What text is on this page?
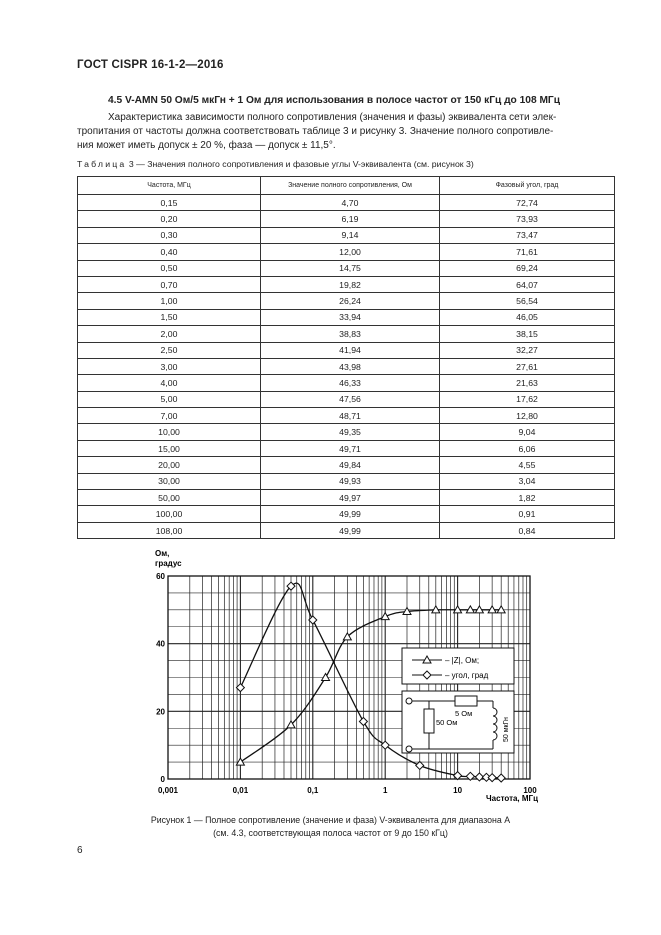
ГОСТ CISPR 16-1-2—2016
4.5 V-AMN 50 Ом/5 мкГн + 1 Ом для использования в полосе частот от 150 кГц до 108 МГц
Характеристика зависимости полного сопротивления (значения и фазы) эквивалента сети элек-
тропитания от частоты должна соответствовать таблице 3 и рисунку 3. Значение полного сопротивле-
ния может иметь допуск ± 20 %, фаза — допуск ± 11,5°.
Таблица 3 — Значения полного сопротивления и фазовые углы V-эквивалента (см. рисунок 3)
Частота, МГц	Значение полного сопротивления, Ом	Фазовый угол, град
0,15	4,70	72,74
0,20	6,19	73,93
0,30	9,14	73,47
0,40	12,00	71,61
0,50	14,75	69,24
0,70	19,82	64,07
1,00	26,24	56,54
1,50	33,94	46,05
2,00	38,83	38,15
2,50	41,94	32,27
3,00	43,98	27,61
4,00	46,33	21,63
5,00	47,56	17,62
7,00	48,71	12,80
10,00	49,35	9,04
15,00	49,71	6,06
20,00	49,84	4,55
30,00	49,93	3,04
50,00	49,97	1,82
100,00	49,99	0,91
108,00	49,99	0,84
Ом,
градус
0
20
40
60
0,001	0,01	0,1	1	10	100
Частота, МГц
– |Z|, Ом;
– угол, град
5 Ом
50 Ом	50 мкГн
Рисунок 1 — Полное сопротивление (значение и фаза) V-эквивалента для диапазона A
(см. 4.3, соответствующая полоса частот от 9 до 150 кГц)
6
